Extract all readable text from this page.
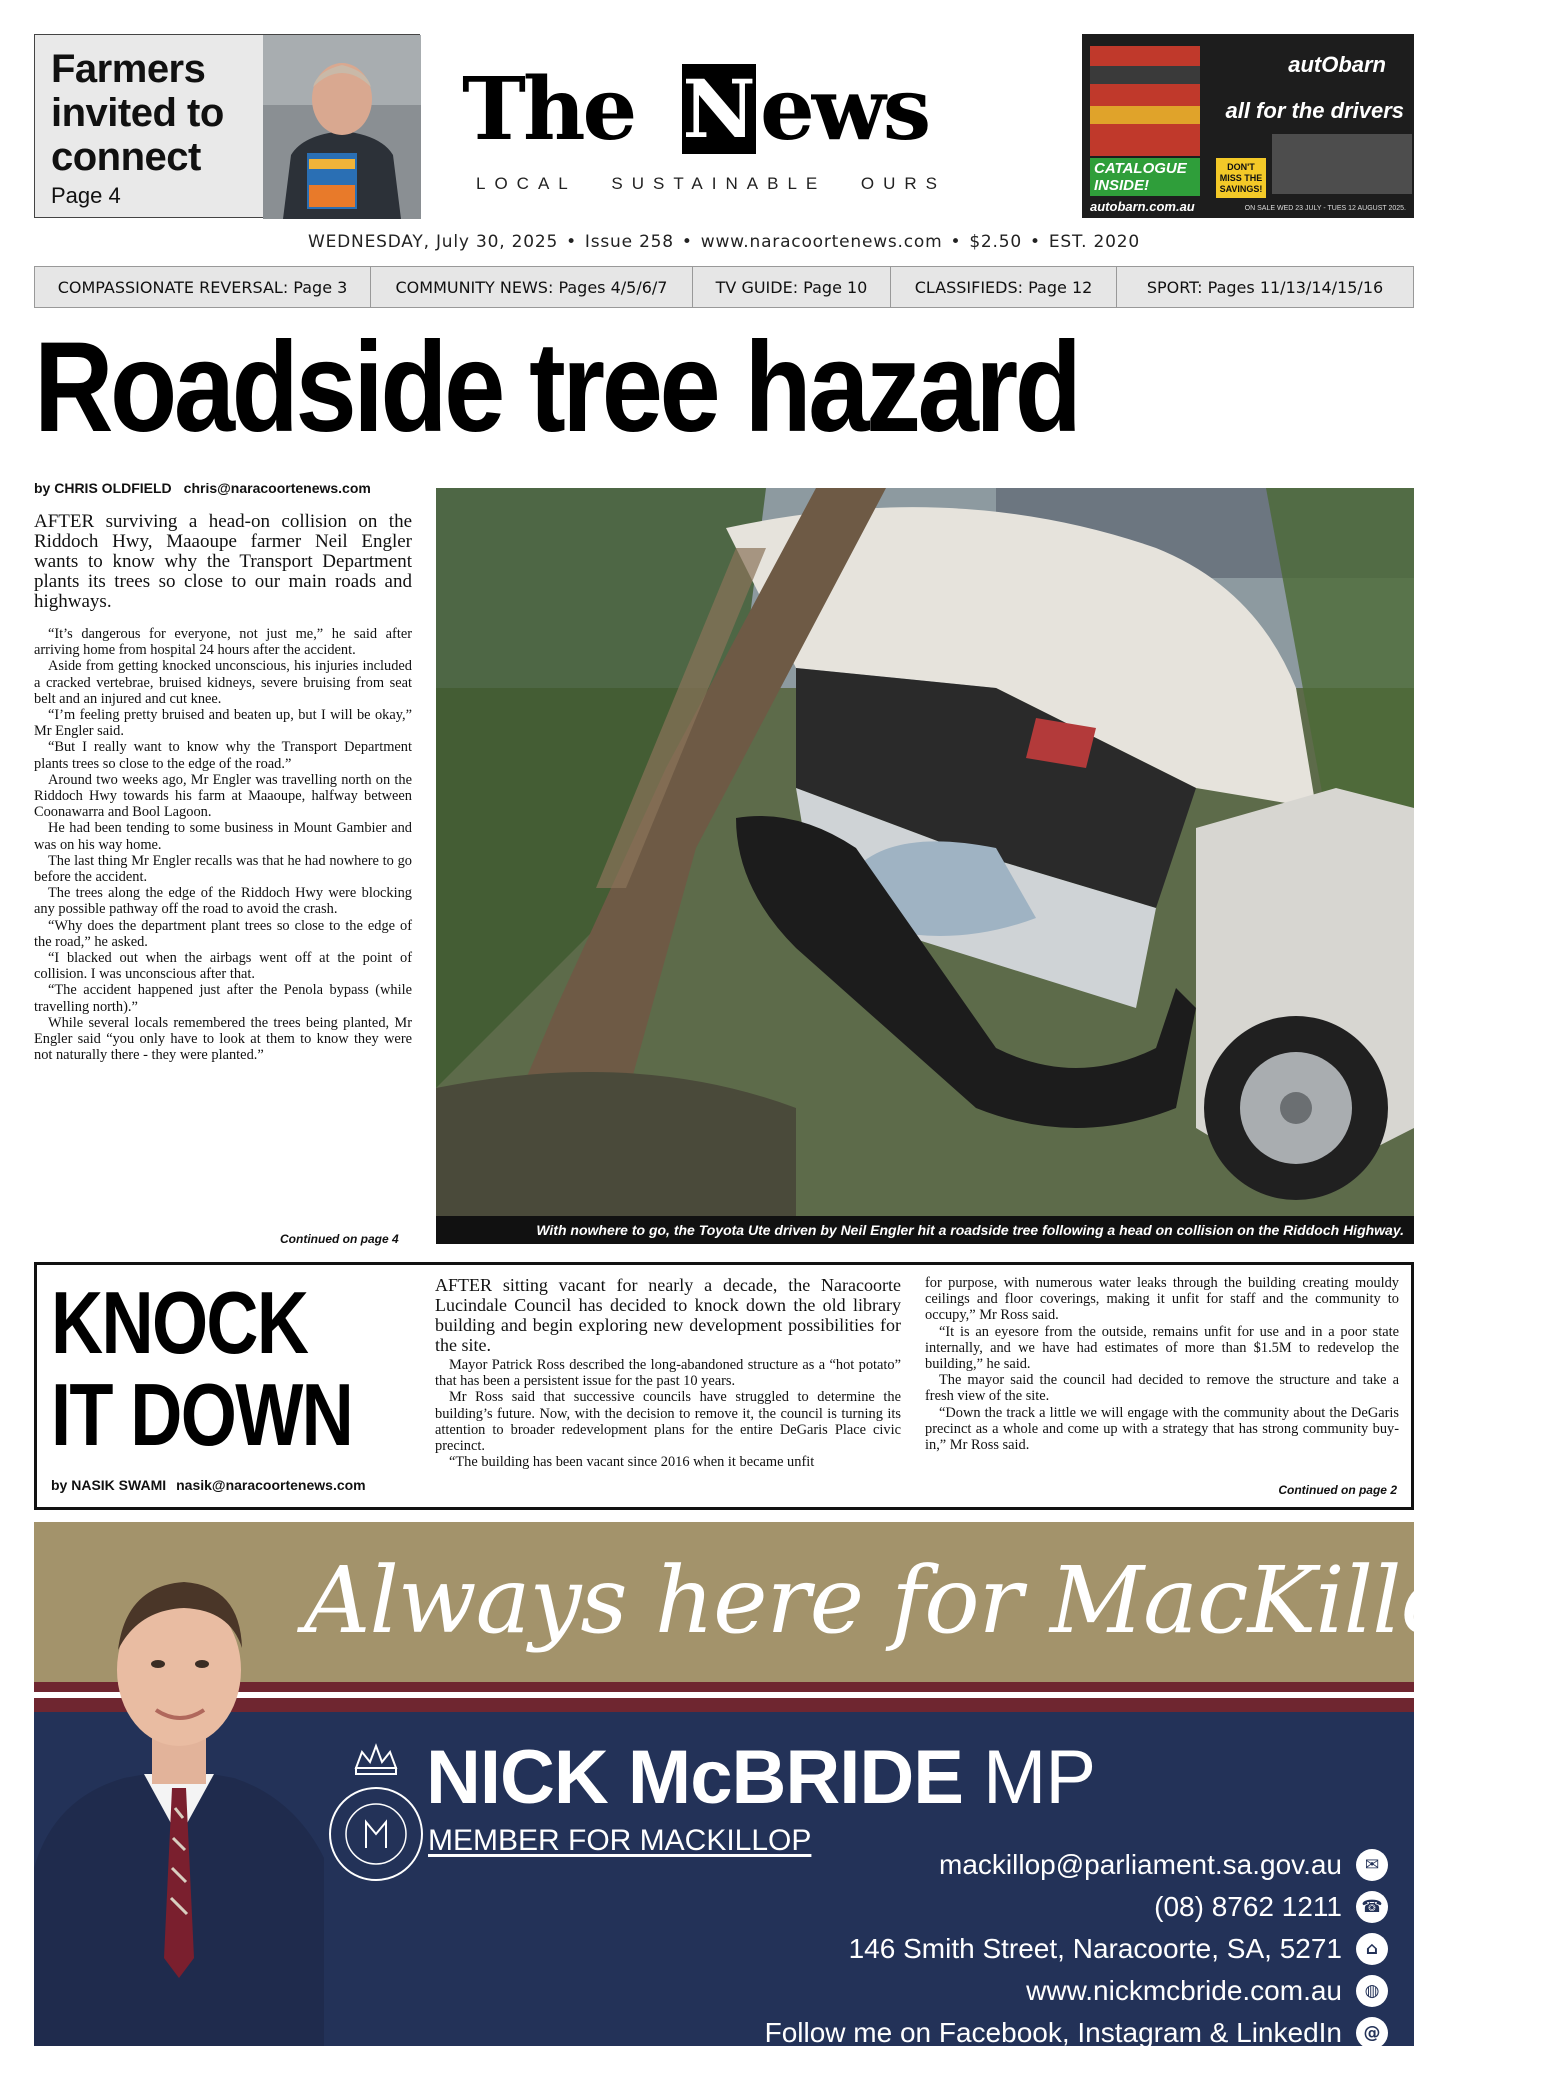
Farmers invited to connect
Page 4
The N ews
LOCAL SUSTAINABLE OURS
autObarn
all for the drivers
CATALOGUE INSIDE!
DON'T MISS THE SAVINGS!
autobarn.com.au	ON SALE WED 23 JULY - TUES 12 AUGUST 2025.
WEDNESDAY, July 30, 2025 • Issue 258 • www.naracoortenews.com • $2.50 • EST. 2020
COMPASSIONATE REVERSAL: Page 3	COMMUNITY NEWS: Pages 4/5/6/7	TV GUIDE: Page 10	CLASSIFIEDS: Page 12	SPORT: Pages 11/13/14/15/16
Roadside tree hazard
by CHRIS OLDFIELD chris@naracoortenews.com

AFTER surviving a head-on collision on the Riddoch Hwy, Maaoupe farmer Neil Engler wants to know why the Transport Department plants its trees so close to our main roads and highways.

“It’s dangerous for everyone, not just me,” he said after arriving home from hospital 24 hours after the accident.

Aside from getting knocked unconscious, his injuries included a cracked vertebrae, bruised kidneys, severe bruising from seat belt and an injured and cut knee.

“I’m feeling pretty bruised and beaten up, but I will be okay,” Mr Engler said.

“But I really want to know why the Transport Department plants trees so close to the edge of the road.”

Around two weeks ago, Mr Engler was travelling north on the Riddoch Hwy towards his farm at Maaoupe, halfway between Coonawarra and Bool Lagoon.

He had been tending to some business in Mount Gambier and was on his way home.

The last thing Mr Engler recalls was that he had nowhere to go before the accident.

The trees along the edge of the Riddoch Hwy were blocking any possible pathway off the road to avoid the crash.

“Why does the department plant trees so close to the edge of the road,” he asked.

“I blacked out when the airbags went off at the point of collision. I was unconscious after that.

“The accident happened just after the Penola bypass (while travelling north).”

While several locals remembered the trees being planted, Mr Engler said “you only have to look at them to know they were not naturally there - they were planted.”

Continued on page 4
With nowhere to go, the Toyota Ute driven by Neil Engler hit a roadside tree following a head on collision on the Riddoch Highway.
KNOCK
IT DOWN
by NASIK SWAMI nasik@naracoortenews.com

AFTER sitting vacant for nearly a decade, the Naracoorte Lucindale Council has decided to knock down the old library building and begin exploring new development possibilities for the site.

Mayor Patrick Ross described the long-abandoned structure as a “hot potato” that has been a persistent issue for the past 10 years.

Mr Ross said that successive councils have struggled to determine the building’s future. Now, with the decision to remove it, the council is turning its attention to broader redevelopment plans for the entire DeGaris Place civic precinct.

“The building has been vacant since 2016 when it became unfit

for purpose, with numerous water leaks through the building creating mouldy ceilings and floor coverings, making it unfit for staff and the community to occupy,” Mr Ross said.

“It is an eyesore from the outside, remains unfit for use and in a poor state internally, and we have had estimates of more than $1.5M to redevelop the building,” he said.

The mayor said the council had decided to remove the structure and take a fresh view of the site.

“Down the track a little we will engage with the community about the DeGaris precinct as a whole and come up with a strategy that has strong community buy-in,” Mr Ross said.

Continued on page 2
Always here for MacKillop!
NICK McBRIDE MP
MEMBER FOR MACKILLOP
mackillop@parliament.sa.gov.au	✉
(08) 8762 1211	☎
146 Smith Street, Naracoorte, SA, 5271	⌂
www.nickmcbride.com.au	◍
Follow me on Facebook, Instagram & LinkedIn	@
